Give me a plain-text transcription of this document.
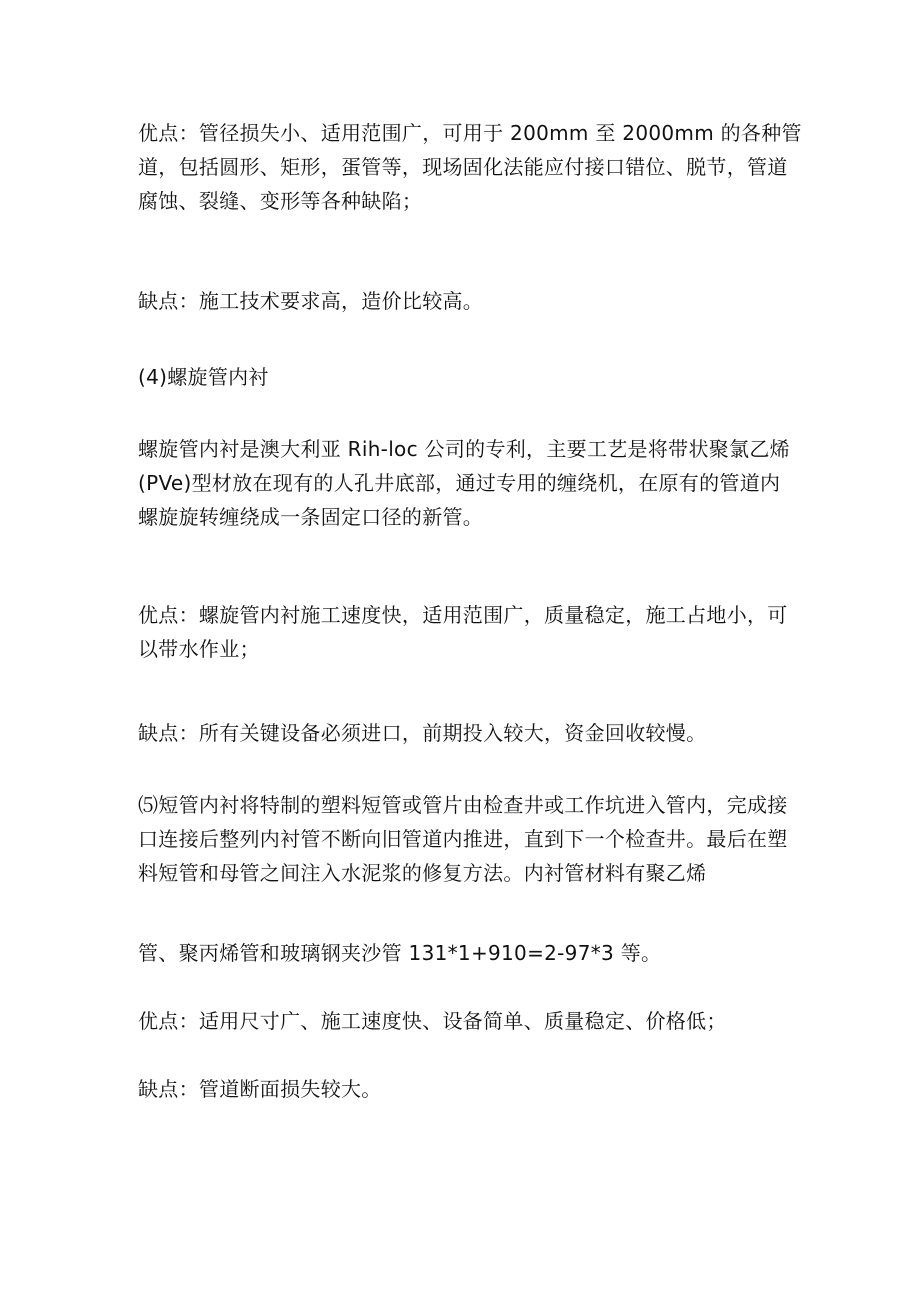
优点：管径损失小、适用范围广，可用于 200mm 至 2000mm 的各种管
道，包括圆形、矩形，蛋管等，现场固化法能应付接口错位、脱节，管道
腐蚀、裂缝、变形等各种缺陷；

缺点：施工技术要求高，造价比较高。

(4)螺旋管内衬

螺旋管内衬是澳大利亚 Rih-loc 公司的专利，主要工艺是将带状聚氯乙烯
(PVe)型材放在现有的人孔井底部，通过专用的缠绕机，在原有的管道内
螺旋旋转缠绕成一条固定口径的新管。

优点：螺旋管内衬施工速度快，适用范围广，质量稳定，施工占地小，可
以带水作业；

缺点：所有关键设备必须进口，前期投入较大，资金回收较慢。

⑸短管内衬将特制的塑料短管或管片由检查井或工作坑进入管内，完成接
口连接后整列内衬管不断向旧管道内推进，直到下一个检查井。最后在塑
料短管和母管之间注入水泥浆的修复方法。内衬管材料有聚乙烯

管、聚丙烯管和玻璃钢夹沙管 131*1+910=2-97*3 等。

优点：适用尺寸广、施工速度快、设备简单、质量稳定、价格低；

缺点：管道断面损失较大。
